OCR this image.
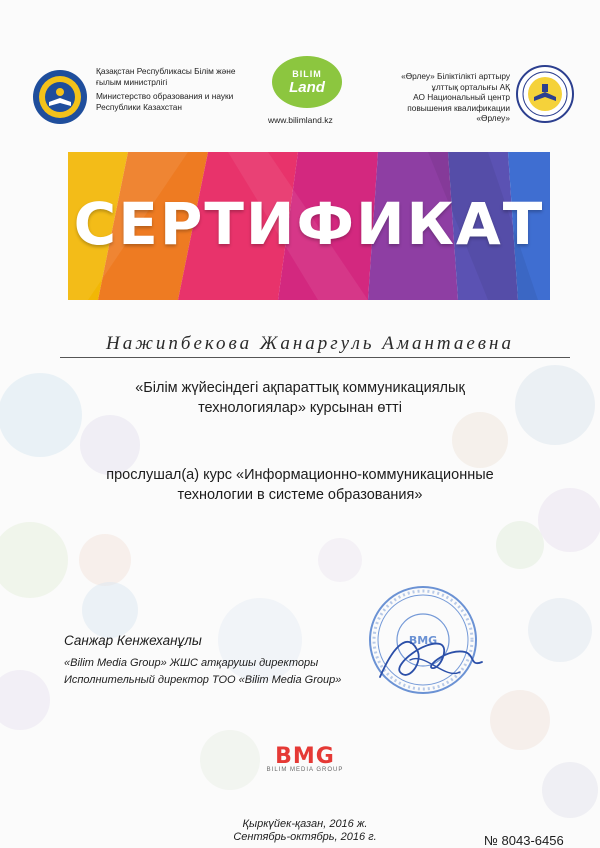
Қазақстан Республикасы Білім және ғылым министрлігі
Министерство образования и науки Республики Казахстан
BILIM
Land
www.bilimland.kz
«Өрлеу» Біліктілікті арттыру ұлттық орталығы АҚ
АО Национальный центр повышения квалификации «Өрлеу»
СЕРТИФИКАТ
Нажипбекова Жанаргуль Амантаевна
«Білім жүйесіндегі ақпараттық коммуникациялық
технологиялар» курсынан өтті
прослушал(а) курс «Информационно-коммуникационные
технологии в системе образования»
Санжар Кенжеханұлы
«Bilim Media Group» ЖШС атқарушы директоры
Исполнительный директор ТОО «Bilim Media Group»
BMG
BMG
BILIM MEDIA GROUP
Қыркүйек-қазан, 2016 ж.
Сентябрь-октябрь, 2016 г.	№ 8043-6456
